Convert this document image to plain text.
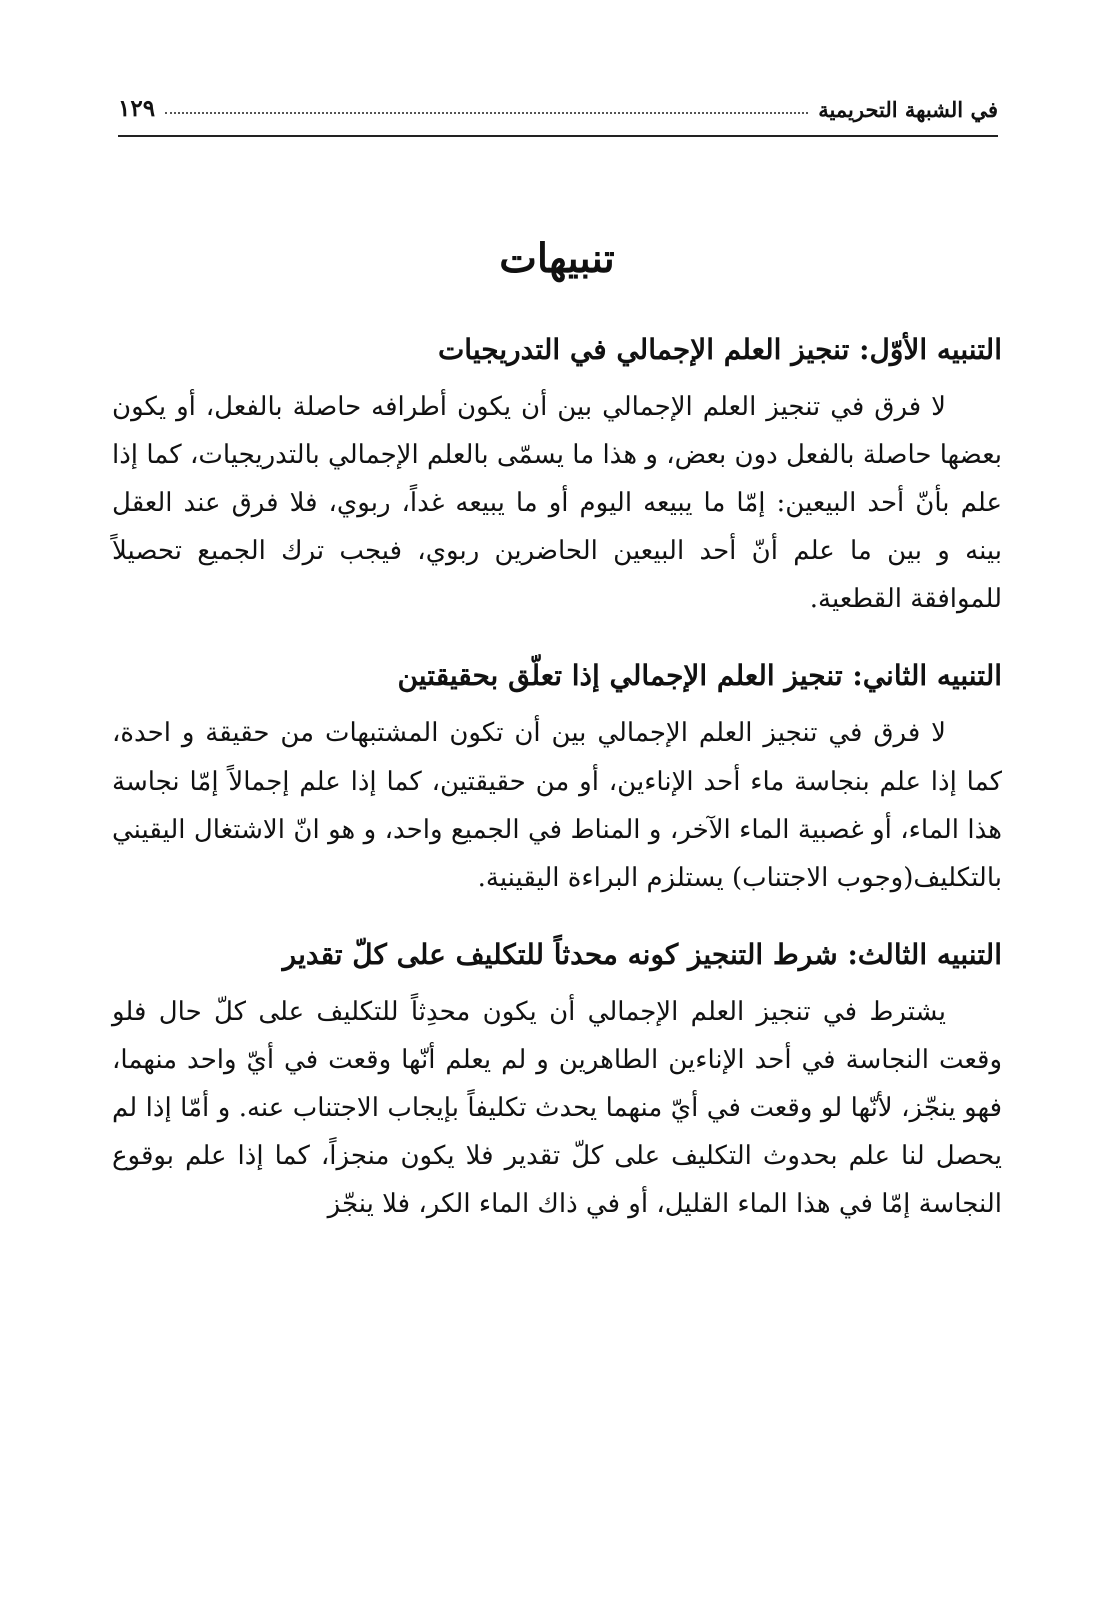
في الشبهة التحريمية
١٢٩
تنبيهات

التنبيه الأوّل: تنجيز العلم الإجمالي في التدريجيات

لا فرق في تنجيز العلم الإجمالي بين أن يكون أطرافه حاصلة بالفعل، أو يكون بعضها حاصلة بالفعل دون بعض، و هذا ما يسمّى بالعلم الإجمالي بالتدريجيات، كما إذا علم بأنّ أحد البيعين: إمّا ما يبيعه اليوم أو ما يبيعه غداً، ربوي، فلا فرق عند العقل بينه و بين ما علم أنّ أحد البيعين الحاضرين ربوي، فيجب ترك الجميع تحصيلاً للموافقة القطعية.

التنبيه الثاني: تنجيز العلم الإجمالي إذا تعلّق بحقيقتين

لا فرق في تنجيز العلم الإجمالي بين أن تكون المشتبهات من حقيقة و احدة، كما إذا علم بنجاسة ماء أحد الإناءين، أو من حقيقتين، كما إذا علم إجمالاً إمّا نجاسة هذا الماء، أو غصبية الماء الآخر، و المناط في الجميع واحد، و هو انّ الاشتغال اليقيني بالتكليف(وجوب الاجتناب) يستلزم البراءة اليقينية.

التنبيه الثالث: شرط التنجيز كونه محدثاً للتكليف على كلّ تقدير

يشترط في تنجيز العلم الإجمالي أن يكون محدِثاً للتكليف على كلّ حال فلو وقعت النجاسة في أحد الإناءين الطاهرين و لم يعلم أنّها وقعت في أيّ واحد منهما، فهو ينجّز، لأنّها لو وقعت في أيّ منهما يحدث تكليفاً بإيجاب الاجتناب عنه. و أمّا إذا لم يحصل لنا علم بحدوث التكليف على كلّ تقدير فلا يكون منجزاً، كما إذا علم بوقوع النجاسة إمّا في هذا الماء القليل، أو في ذاك الماء الكر، فلا ينجّز
